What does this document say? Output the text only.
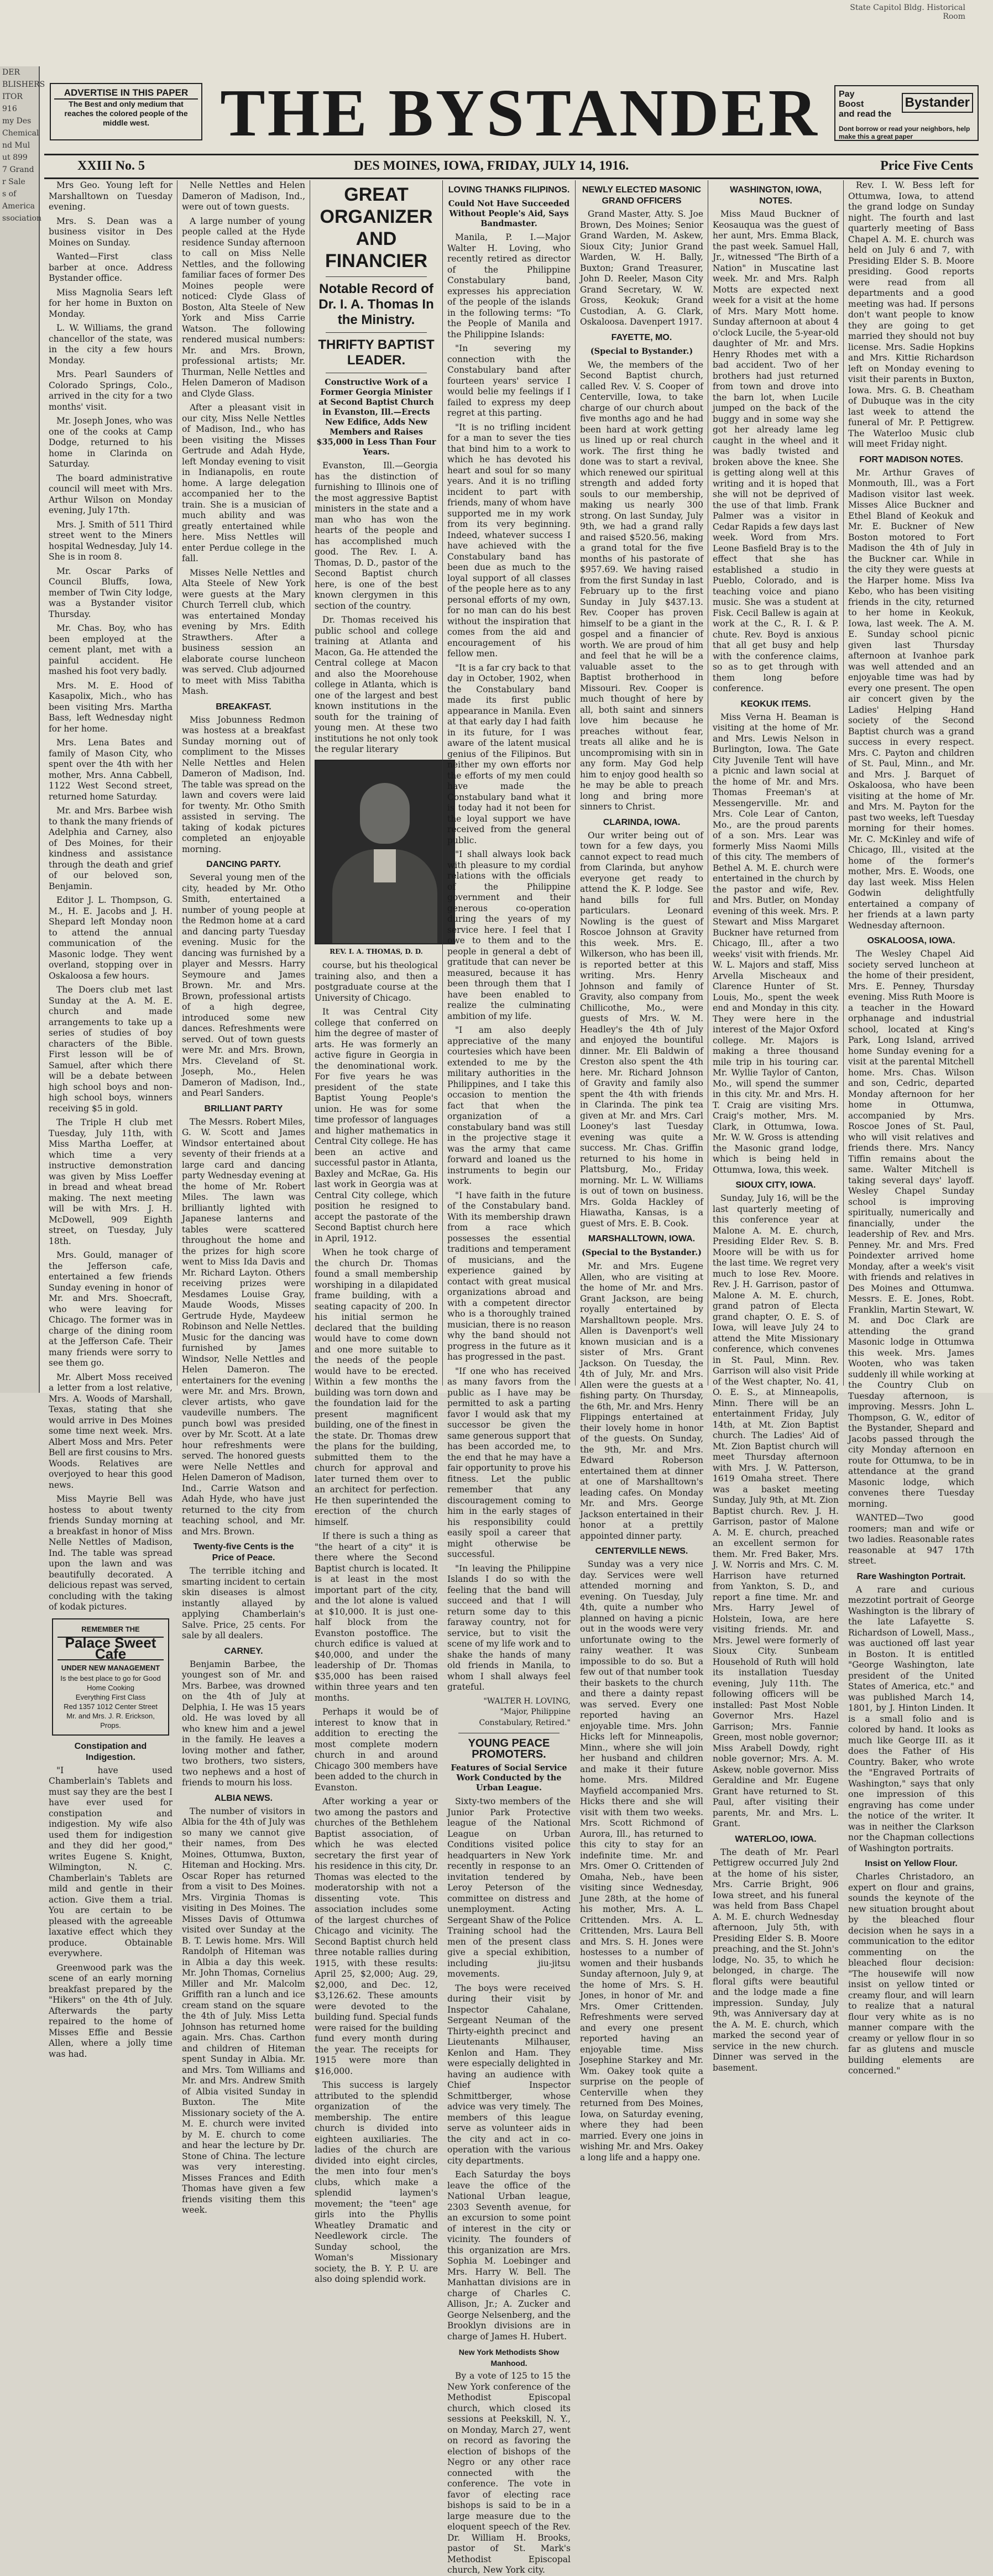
State Capitol Bldg. Historical
Room
DER
BLISHERS
ITOR
916
my Des
Chemical
nd Mul
ut 899
7 Grand
r Sale
s of
America
ssociation
ADVERTISE IN THIS PAPER
The Best and only medium that reaches the colored people of the middle west.	THE BYSTANDER	Pay
Boost
and read the
Bystander
Dont borrow or read your neighbors, help make this a great paper
XXIII No. 5	DES MOINES, IOWA, FRIDAY, JULY 14, 1916.	Price Five Cents

Mrs Geo. Young left for Marshalltown on Tuesday evening.

Mrs. S. Dean was a business visitor in Des Moines on Sunday.

Wanted—First class barber at once. Address Bystander office.

Miss Magnolia Sears left for her home in Buxton on Monday.

L. W. Williams, the grand chancellor of the state, was in the city a few hours Monday.

Mrs. Pearl Saunders of Colorado Springs, Colo., arrived in the city for a two months' visit.

Mr. Joseph Jones, who was one of the cooks at Camp Dodge, returned to his home in Clarinda on Saturday.

The board administrative council will meet with Mrs. Arthur Wilson on Monday evening, July 17th.

Mrs. J. Smith of 511 Third street went to the Miners hospital Wednesday, July 14. She is in room 8.

Mr. Oscar Parks of Council Bluffs, Iowa, member of Twin City lodge, was a Bystander visitor Thursday.

Mr. Chas. Boy, who has been employed at the cement plant, met with a painful accident. He mashed his foot very badly.

Mrs. M. E. Hood of Kasapolix, Mich., who has been visiting Mrs. Martha Bass, left Wednesday night for her home.

Mrs. Lena Bates and family of Mason City, who spent over the 4th with her mother, Mrs. Anna Cabbell, 1122 West Second street, returned home Saturday.

Mr. and Mrs. Barbee wish to thank the many friends of Adelphia and Carney, also of Des Moines, for their kindness and assistance through the death and grief of our beloved son, Benjamin.

Editor J. L. Thompson, G. M., H. E. Jacobs and J. H. Shepard left Monday noon to attend the annual communication of the Masonic lodge. They went overland, stopping over in Oskaloosa a few hours.

The Doers club met last Sunday at the A. M. E. church and made arrangements to take up a series of studies of boy characters of the Bible. First lesson will be of Samuel, after which there will be a debate between high school boys and non-high school boys, winners receiving $5 in gold.

The Triple H club met Tuesday, July 11th, with Miss Martha Loeffer, at which time a very instructive demonstration was given by Miss Loeffer in bread and wheat bread making. The next meeting will be with Mrs. J. H. McDowell, 909 Eighth street, on Tuesday, July 18th.

Mrs. Gould, manager of the Jefferson cafe, entertained a few friends Sunday evening in honor of Mr. and Mrs. Shoecraft, who were leaving for Chicago. The former was in charge of the dining room at the Jefferson Cafe. Their many friends were sorry to see them go.

Mr. Albert Moss received a letter from a lost relative, Mrs. A. Woods of Marshall, Texas, stating that she would arrive in Des Moines some time next week. Mrs. Albert Moss and Mrs. Peter Bell are first cousins to Mrs. Woods. Relatives are overjoyed to hear this good news.

Miss Mayrie Bell was hostess to about twenty friends Sunday morning at a breakfast in honor of Miss Nelle Nettles of Madison, Ind. The table was spread upon the lawn and was beautifully decorated. A delicious repast was served, concluding with the taking of kodak pictures.

REMEMBER THE
Palace Sweet Cafe
UNDER NEW MANAGEMENT
Is the best place to go for Good Home Cooking
Everything First Class
Red 1357 1012 Center Street
Mr. and Mrs. J. R. Erickson, Props.
Constipation and Indigestion.

"I have used Chamberlain's Tablets and must say they are the best I have ever used for constipation and indigestion. My wife also used them for indigestion and they did her good," writes Eugene S. Knight, Wilmington, N. C. Chamberlain's Tablets are mild and gentle in their action. Give them a trial. You are certain to be pleased with the agreeable laxative effect which they produce. Obtainable everywhere.

Greenwood park was the scene of an early morning breakfast prepared by the "Hikers" on the 4th of July. Afterwards the party repaired to the home of Misses Effie and Bessie Allen, where a jolly time was had.

Nelle Nettles and Helen Dameron of Madison, Ind., were out of town guests.

A large number of young people called at the Hyde residence Sunday afternoon to call on Miss Nelle Nettles, and the following familiar faces of former Des Moines people were noticed: Clyde Glass of Boston, Alta Steele of New York and Miss Carrie Watson. The following rendered musical numbers: Mr. and Mrs. Brown, professional artists; Mr. Thurman, Nelle Nettles and Helen Dameron of Madison and Clyde Glass.

After a pleasant visit in our city, Miss Nelle Nettles of Madison, Ind., who has been visiting the Misses Gertrude and Adah Hyde, left Monday evening to visit in Indianapolis, en route home. A large delegation accompanied her to the train. She is a musician of much ability and was greatly entertained while here. Miss Nettles will enter Perdue college in the fall.

Misses Nelle Nettles and Alta Steele of New York were guests at the Mary Church Terrell club, which was entertained Monday evening by Mrs. Edith Strawthers. After a business session an elaborate course luncheon was served. Club adjourned to meet with Miss Tabitha Mash.

BREAKFAST.

Miss Jobunness Redmon was hostess at a breakfast Sunday morning out of compliment to the Misses Nelle Nettles and Helen Dameron of Madison, Ind. The table was spread on the lawn and covers were laid for twenty. Mr. Otho Smith assisted in serving. The taking of kodak pictures completed an enjoyable morning.

DANCING PARTY.

Several young men of the city, headed by Mr. Otho Smith, entertained a number of young people at the Redmon home at a card and dancing party Tuesday evening. Music for the dancing was furnished by a player and Messrs. Harry Seymoure and James Brown. Mr. and Mrs. Brown, professional artists of a high degree, introduced some new dances. Refreshments were served. Out of town guests were Mr. and Mrs. Brown, Mrs. Cleveland of St. Joseph, Mo., Helen Dameron of Madison, Ind., and Pearl Sanders.

BRILLIANT PARTY

The Messrs. Robert Miles, G. W. Scott and James Windsor entertained about seventy of their friends at a large card and dancing party Wednesday evening at the home of Mr. Robert Miles. The lawn was brilliantly lighted with Japanese lanterns and tables were scattered throughout the home and the prizes for high score went to Miss Ida Davis and Mr. Richard Layton. Others receiving prizes were Mesdames Louise Gray, Maude Woods, Misses Gertrude Hyde, Maydeew Robinson and Nelle Nettles. Music for the dancing was furnished by James Windsor, Nelle Nettles and Helen Dameron. The entertainers for the evening were Mr. and Mrs. Brown, clever artists, who gave vaudeville numbers. The punch bowl was presided over by Mr. Scott. At a late hour refreshments were served. The honored guests were Nelle Nettles and Helen Dameron of Madison, Ind., Carrie Watson and Adah Hyde, who have just returned to the city from teaching school, and Mr. and Mrs. Brown.

Twenty-five Cents is the Price of Peace.

The terrible itching and smarting incident to certain skin diseases is almost instantly allayed by applying Chamberlain's Salve. Price, 25 cents. For sale by all dealers.

CARNEY.

Benjamin Barbee, the youngest son of Mr. and Mrs. Barbee, was drowned on the 4th of July at Delphia, I. He was 15 years old. He was loved by all who knew him and a jewel in the family. He leaves a loving mother and father, two brothers, two sisters, two nephews and a host of friends to mourn his loss.

ALBIA NEWS.

The number of visitors in Albia for the 4th of July was so many we cannot give their names, from Des Moines, Ottumwa, Buxton, Hiteman and Hocking. Mrs. Oscar Roper has returned from a visit to Des Moines. Mrs. Virginia Thomas is visiting in Des Moines. The Misses Davis of Ottumwa visited over Sunday at the B. T. Lewis home. Mrs. Will Randolph of Hiteman was in Albia a day this week. Mr. John Thomas, Cornelius Miller and Mr. Malcolm Griffith ran a lunch and ice cream stand on the square the 4th of July. Miss Letta Johnson has returned home again. Mrs. Chas. Carthon and children of Hiteman spent Sunday in Albia. Mr. and Mrs. Tom Williams and Mr. and Mrs. Andrew Smith of Albia visited Sunday in Buxton. The Mite Missionary society of the A. M. E. church were invited by M. E. church to come and hear the lecture by Dr. Stone of China. The lecture was very interesting. Misses Frances and Edith Thomas have given a few friends visiting them this week.

GREAT ORGANIZER AND FINANCIER
Notable Record of Dr. I. A. Thomas In the Ministry.
THRIFTY BAPTIST LEADER.
Constructive Work of a Former Georgia Minister at Second Baptist Church in Evanston, Ill.—Erects New Edifice, Adds New Members and Raises $35,000 in Less Than Four Years.

Evanston, Ill.—Georgia has the distinction of furnishing to Illinois one of the most aggressive Baptist ministers in the state and a man who has won the hearts of the people and has accomplished much good. The Rev. I. A. Thomas, D. D., pastor of the Second Baptist church here, is one of the best known clergymen in this section of the country.

Dr. Thomas received his public school and college training at Atlanta and Macon, Ga. He attended the Central college at Macon and also the Moorehouse college in Atlanta, which is one of the largest and best known institutions in the south for the training of young men. At these two institutions he not only took the regular literary

REV. I. A. THOMAS, D. D.

course, but his theological training also, and then a postgraduate course at the University of Chicago.

It was Central City college that conferred on him the degree of master of arts. He was formerly an active figure in Georgia in the denominational work. For five years he was president of the state Baptist Young People's union. He was for some time professor of languages and higher mathematics in Central City college. He has been an active and successful pastor in Atlanta, Baxley and McRae, Ga. His last work in Georgia was at Central City college, which position he resigned to accept the pastorate of the Second Baptist church here in April, 1912.

When he took charge of the church Dr. Thomas found a small membership worshiping in a dilapidated frame building, with a seating capacity of 200. In his initial sermon he declared that the building would have to come down and one more suitable to the needs of the people would have to be erected. Within a few months the building was torn down and the foundation laid for the present magnificent building, one of the finest in the state. Dr. Thomas drew the plans for the building, submitted them to the church for approval and later turned them over to an architect for perfection. He then superintended the erection of the church himself.

If there is such a thing as "the heart of a city" it is there where the Second Baptist church is located. It is at least in the most important part of the city, and the lot alone is valued at $10,000. It is just one-half block from the Evanston postoffice. The church edifice is valued at $40,000, and under the leadership of Dr. Thomas $35,000 has been raised within three years and ten months.

Perhaps it would be of interest to know that in addition to erecting the most complete modern church in and around Chicago 300 members have been added to the church in Evanston.

After working a year or two among the pastors and churches of the Bethlehem Baptist association, of which he was elected secretary the first year of his residence in this city, Dr. Thomas was elected to the moderatorship with not a dissenting vote. This association includes some of the largest churches of Chicago and vicinity. The Second Baptist church held three notable rallies during 1915, with these results: April 25, $2,000; Aug. 29, $2,000, and Dec. 12, $3,126.62. These amounts were devoted to the building fund. Special funds were raised for the building fund every month during the year. The receipts for 1915 were more than $16,000.

This success is largely attributed to the splendid organization of the membership. The entire church is divided into eighteen auxiliaries. The ladies of the church are divided into eight circles, the men into four men's clubs, which make a splendid laymen's movement; the "teen" age girls into the Phyllis Wheatley Dramatic and Needlework circle. The Sunday school, the Woman's Missionary society, the B. Y. P. U. are also doing splendid work.

LOVING THANKS FILIPINOS.
Could Not Have Succeeded Without People's Aid, Says Bandmaster.

Manila, P. I.—Major Walter H. Loving, who recently retired as director of the Philippine Constabulary band, expresses his appreciation of the people of the islands in the following terms: "To the People of Manila and the Philippine Islands:

"In severing my connection with the Constabulary band after fourteen years' service I would belie my feelings if I failed to express my deep regret at this parting.

"It is no trifling incident for a man to sever the ties that bind him to a work to which he has devoted his heart and soul for so many years. And it is no trifling incident to part with friends, many of whom have supported me in my work from its very beginning. Indeed, whatever success I have achieved with the Constabulary band has been due as much to the loyal support of all classes of the people here as to any personal efforts of my own, for no man can do his best without the inspiration that comes from the aid and encouragement of his fellow men.

"It is a far cry back to that day in October, 1902, when the Constabulary band made its first public appearance in Manila. Even at that early day I had faith in its future, for I was aware of the latent musical genius of the Filipinos. But neither my own efforts nor the efforts of my men could have made the Constabulary band what it is today had it not been for the loyal support we have received from the general public.

"I shall always look back with pleasure to my cordial relations with the officials of the Philippine government and their generous co-operation during the years of my service here. I feel that I owe to them and to the people in general a debt of gratitude that can never be measured, because it has been through them that I have been enabled to realize the culminating ambition of my life.

"I am also deeply appreciative of the many courtesies which have been extended to me by the military authorities in the Philippines, and I take this occasion to mention the fact that when the organization of a constabulary band was still in the projective stage it was the army that came forward and loaned us the instruments to begin our work.

"I have faith in the future of the Constabulary band. With its membership drawn from a race which possesses the essential traditions and temperament of musicians, and the experience gained by contact with great musical organizations abroad and with a competent director who is a thoroughly trained musician, there is no reason why the band should not progress in the future as it has progressed in the past.

"If one who has received as many favors from the public as I have may be permitted to ask a parting favor I would ask that my successor be given the same generous support that has been accorded me, to the end that he may have a fair opportunity to prove his fitness. Let the public remember that any discouragement coming to him in the early stages of his responsibility could easily spoil a career that might otherwise be successful.

"In leaving the Philippine Islands I do so with the feeling that the band will succeed and that I will return some day to this faraway country, not for service, but to visit the scene of my life work and to shake the hands of many old friends in Manila, to whom I shall always feel grateful.

"WALTER H. LOVING,
"Major, Philippine Constabulary, Retired."
YOUNG PEACE PROMOTERS.
Features of Social Service Work Conducted by the Urban League.

Sixty-two members of the Junior Park Protective league of the National League on Urban Conditions visited police headquarters in New York recently in response to an invitation tendered by Leroy Peterson of the committee on distress and unemployment. Acting Sergeant Shaw of the Police Training school had the men of the present class give a special exhibition, including jiu-jitsu movements.

The boys were received during their visit by Inspector Cahalane, Sergeant Neuman of the Thirty-eighth precinct and Lieutenants Milhauser, Kenlon and Ham. They were especially delighted in having an audience with Chief Inspector Schmittberger, whose advice was very timely. The members of this league serve as volunteer aids in the city and act in co-operation with the various city departments.

Each Saturday the boys leave the office of the National Urban league, 2303 Seventh avenue, for an excursion to some point of interest in the city or vicinity. The founders of this organization are Mrs. Sophia M. Loebinger and Mrs. Harry W. Bell. The Manhattan divisions are in charge of Charles C. Allison, Jr.; A. Zucker and George Nelsenberg, and the Brooklyn divisions are in charge of James H. Hubert.

New York Methodists Show Manhood.

By a vote of 125 to 15 the New York conference of the Methodist Episcopal church, which closed its sessions at Peekskill, N. Y., on Monday, March 27, went on record as favoring the election of bishops of the Negro or any other race connected with the conference. The vote in favor of electing race bishops is said to be in a large measure due to the eloquent speech of the Rev. Dr. William H. Brooks, pastor of St. Mark's Methodist Episcopal church, New York city.

NEWLY ELECTED MASONIC GRAND OFFICERS

Grand Master, Atty. S. Joe Brown, Des Moines; Senior Grand Warden, M. Askew, Sioux City; Junior Grand Warden, W. H. Bally, Buxton; Grand Treasurer, John D. Reeler, Mason City Grand Secretary, W. W. Gross, Keokuk; Grand Custodian, A. G. Clark, Oskaloosa. Davenpert 1917.

FAYETTE, MO.
(Special to Bystander.)

We, the members of the Second Baptist church, called Rev. V. S. Cooper of Centerville, Iowa, to take charge of our church about five months ago and he had been hard at work getting us lined up or real church work. The first thing he done was to start a revival, which renewed our spiritual strength and added forty souls to our membership, making us nearly 300 strong. On last Sunday, July 9th, we had a grand rally and raised $520.56, making a grand total for the five months of his pastorate of $957.69. We having raised from the first Sunday in last February up to the first Sunday in July $437.13. Rev. Cooper has proven himself to be a giant in the gospel and a financier of worth. We are proud of him and feel that he will be a valuable asset to the Baptist brotherhood in Missouri. Rev. Cooper is much thought of here by all, both saint and sinners love him because he preaches without fear, treats all alike and he is uncompromising with sin in any form. May God help him to enjoy good health so he may be able to preach long and bring more sinners to Christ.

CLARINDA, IOWA.

Our writer being out of town for a few days, you cannot expect to read much from Clarinda, but anyhow everyone get ready to attend the K. P. lodge. See hand bills for full particulars. Leonard Nowling is the guest of Roscoe Johnson at Gravity this week. Mrs. E. Wilkerson, who has been ill, is reported better at this writing. Mrs. Henry Johnson and family of Gravity, also company from Chillicothe, Mo., were guests of Mrs. W. M. Headley's the 4th of July and enjoyed the bountiful dinner. Mr. Eli Baldwin of Creston also spent the 4th here. Mr. Richard Johnson of Gravity and family also spent the 4th with friends in Clarinda. The pink tea given at Mr. and Mrs. Carl Looney's last Tuesday evening was quite a success. Mr. Chas. Griffin returned to his home in Plattsburg, Mo., Friday morning. Mr. L. W. Williams is out of town on business. Mrs. Golda Hackley of Hiawatha, Kansas, is a guest of Mrs. E. B. Cook.

MARSHALLTOWN, IOWA.
(Special to the Bystander.)

Mr. and Mrs. Eugene Allen, who are visiting at the home of Mr. and Mrs. Grant Jackson, are being royally entertained by Marshalltown people. Mrs. Allen is Davenport's well known musician and is a sister of Mrs. Grant Jackson. On Tuesday, the 4th of July, Mr. and Mrs. Allen were the guests at a fishing party. On Thursday, the 6th, Mr. and Mrs. Henry Flippings entertained at their lovely home in honor of the guests. On Sunday, the 9th, Mr. and Mrs. Edward Roberson entertained them at dinner at one of Marshalltown's leading cafes. On Monday Mr. and Mrs. George Jackson entertained in their honor at a prettily appointed dinner party.

CENTERVILLE NEWS.

Sunday was a very nice day. Services were well attended morning and evening. On Tuesday, July 4th, quite a number who planned on having a picnic out in the woods were very unfortunate owing to the rainy weather. It was impossible to do so. But a few out of that number took their baskets to the church and there a dainty repast was served. Every one reported having an enjoyable time. Mrs. John Hicks left for Minneapolis, Minn., where she will join her husband and children and make it their future home. Mrs. Mildred Mayfield accompanied Mrs. Hicks there and she will visit with them two weeks. Mrs. Scott Richmond of Aurora, Ill., has returned to this city to stay for an indefinite time. Mr. and Mrs. Omer O. Crittenden of Omaha, Neb., have been visiting since Wednesday, June 28th, at the home of his mother, Mrs. A. L. Crittenden. Mrs. A. L. Crittenden, Mrs. Laura Bell and Mrs. S. H. Jones were hostesses to a number of women and their husbands Sunday afternoon, July 9, at the home of Mrs. S. H. Jones, in honor of Mr. and Mrs. Omer Crittenden. Refreshments were served and every one present reported having an enjoyable time. Miss Josephine Starkey and Mr. Wm. Oakey took quite a surprise on the people of Centerville when they returned from Des Moines, Iowa, on Saturday evening, where they had been married. Every one joins in wishing Mr. and Mrs. Oakey a long life and a happy one.

WASHINGTON, IOWA, NOTES.

Miss Maud Buckner of Keosauqua was the guest of her aunt, Mrs. Emma Black, the past week. Samuel Hall, Jr., witnessed "The Birth of a Nation" in Muscatine last week. Mr. and Mrs. Ralph Motts are expected next week for a visit at the home of Mrs. Mary Mott home. Sunday afternoon at about 4 o'clock Lucile, the 5-year-old daughter of Mr. and Mrs. Henry Rhodes met with a bad accident. Two of her brothers had just returned from town and drove into the barn lot, when Lucile jumped on the back of the buggy and in some way she got her already lame leg caught in the wheel and it was badly twisted and broken above the knee. She is getting along well at this writing and it is hoped that she will not be deprived of the use of that limb. Frank Palmer was a visitor in Cedar Rapids a few days last week. Word from Mrs. Leone Basfield Bray is to the effect that she has established a studio in Pueblo, Colorado, and is teaching voice and piano music. She was a student at Fisk. Cecil Ballew is again at work at the C., R. I. & P. chute. Rev. Boyd is anxious that all get busy and help with the conference claims, so as to get through with them long before conference.

KEOKUK ITEMS.

Miss Verna H. Beaman is visiting at the home of Mr. and Mrs. Lewis Nelson in Burlington, Iowa. The Gate City Juvenile Tent will have a picnic and lawn social at the home of Mr. and Mrs. Thomas Freeman's at Messengerville. Mr. and Mrs. Cole Lear of Canton, Mo., are the proud parents of a son. Mrs. Lear was formerly Miss Naomi Mills of this city. The members of Bethel A. M. E. church were entertained in the church by the pastor and wife, Rev. and Mrs. Butler, on Monday evening of this week. Mrs. P. Stewart and Miss Margaret Buckner have returned from Chicago, Ill., after a two weeks' visit with friends. Mr. W. L. Majors and staff, Miss Arvella Mischeaux and Clarence Hunter of St. Louis, Mo., spent the week end and Monday in this city. They were here in the interest of the Major Oxford college. Mr. Majors is making a three thousand mile trip in his touring car. Mr. Wyllie Taylor of Canton, Mo., will spend the summer in this city. Mr. and Mrs. H. T. Craig are visiting Mrs. Craig's mother, Mrs. M. Clark, in Ottumwa, Iowa. Mr. W. W. Gross is attending the Masonic grand lodge, which is being held in Ottumwa, Iowa, this week.

SIOUX CITY, IOWA.

Sunday, July 16, will be the last quarterly meeting of this conference year at Malone A. M. E. church, Presiding Elder Rev. S. B. Moore will be with us for the last time. We regret very much to lose Rev. Moore. Rev. J. H. Garrison, pastor of Malone A. M. E. church, grand patron of Electa grand chapter, O. E. S. of Iowa, will leave July 24 to attend the Mite Missionary conference, which convenes in St. Paul, Minn. Rev. Garrison will also visit Pride of the West chapter, No. 41, O. E. S., at Minneapolis, Minn. There will be an entertainment Friday, July 14th, at Mt. Zion Baptist church. The Ladies' Aid of Mt. Zion Baptist church will meet Thursday afternoon with Mrs. J. W. Patterson, 1619 Omaha street. There was a basket meeting Sunday, July 9th, at Mt. Zion Baptist church. Rev. J. H. Garrison, pastor of Malone A. M. E. church, preached an excellent sermon for them. Mr. Fred Baker, Mrs. J. W. Norris and Mrs. C. M. Harrison have returned from Yankton, S. D., and report a fine time. Mr. and Mrs. Harry Jewel of Holstein, Iowa, are here visiting friends. Mr. and Mrs. Jewel were formerly of Sioux City. Sunbeam Household of Ruth will hold its installation Tuesday evening, July 11th. The following officers will be installed: Past Most Noble Governor Mrs. Hazel Garrison; Mrs. Fannie Green, most noble governor; Miss Arabell Dowdy, right noble governor; Mrs. A. M. Askew, noble governor. Miss Geraldine and Mr. Eugene Grant have returned to St. Paul, after visiting their parents, Mr. and Mrs. L. Grant.

WATERLOO, IOWA.

The death of Mr. Pearl Pettigrew occurred July 2nd at the home of his sister, Mrs. Carrie Bright, 906 Iowa street, and his funeral was held from Bass Chapel A. M. E. church Wednesday afternoon, July 5th, with Presiding Elder S. B. Moore preaching, and the St. John's lodge, No. 35, to which he belonged, in charge. The floral gifts were beautiful and the lodge made a fine impression. Sunday, July 9th, was Anniversary day at the A. M. E. church, which marked the second year of service in the new church. Dinner was served in the basement.

Rev. I. W. Bess left for Ottumwa, Iowa, to attend the grand lodge on Sunday night. The fourth and last quarterly meeting of Bass Chapel A. M. E. church was held on July 6 and 7, with Presiding Elder S. B. Moore presiding. Good reports were read from all departments and a good meeting was had. If persons don't want people to know they are going to get married they should not buy license. Mrs. Sadie Hopkins and Mrs. Kittie Richardson left on Monday evening to visit their parents in Buxton, Iowa. Mrs. G. B. Cheatham of Dubuque was in the city last week to attend the funeral of Mr. P. Pettigrew. The Waterloo Music club will meet Friday night.

FORT MADISON NOTES.

Mr. Arthur Graves of Monmouth, Ill., was a Fort Madison visitor last week. Misses Alice Buckner and Ethel Bland of Keokuk and Mr. E. Buckner of New Boston motored to Fort Madison the 4th of July in the Buckner car. While in the city they were guests at the Harper home. Miss Iva Kebo, who has been visiting friends in the city, returned to her home in Keokuk, Iowa, last week. The A. M. E. Sunday school picnic given last Thursday afternoon at Ivanhoe park was well attended and an enjoyable time was had by every one present. The open air concert given by the Ladies' Helping Hand society of the Second Baptist church was a grand success in every respect. Mrs. C. Payton and children of St. Paul, Minn., and Mr. and Mrs. J. Barquet of Oskaloosa, who have been visiting at the home of Mr. and Mrs. M. Payton for the past two weeks, left Tuesday morning for their homes. Mr. C. McKinley and wife of Chicago, Ill., visited at the home of the former's mother, Mrs. E. Woods, one day last week. Miss Helen Godwin delightfully entertained a company of her friends at a lawn party Wednesday afternoon.

OSKALOOSA, IOWA.

The Wesley Chapel Aid society served luncheon at the home of their president, Mrs. E. Penney, Thursday evening. Miss Ruth Moore is a teacher in the Howard orphanage and industrial school, located at King's Park, Long Island, arrived home Sunday evening for a visit at the parental Mitchell home. Mrs. Chas. Wilson and son, Cedric, departed Monday afternoon for her home in Ottumwa, accompanied by Mrs. Roscoe Jones of St. Paul, who will visit relatives and friends there. Mrs. Nancy Tiffin remains about the same. Walter Mitchell is taking several days' layoff. Wesley Chapel Sunday school is improving spiritually, numerically and financially, under the leadership of Rev. and Mrs. Penney. Mr. and Mrs. Fred Poindexter arrived home Monday, after a week's visit with friends and relatives in Des Moines and Ottumwa. Messrs. E. E. Jones, Robt. Franklin, Martin Stewart, W. M. and Doc Clark are attending the grand Masonic lodge in Ottumwa this week. Mrs. James Wooten, who was taken suddenly ill while working at the Country Club on Tuesday afternoon, is improving. Messrs. John L. Thompson, G. W., editor of the Bystander, Shepard and Jacobs passed through the city Monday afternoon en route for Ottumwa, to be in attendance at the grand Masonic lodge, which convenes there Tuesday morning.

WANTED—Two good roomers; man and wife or two ladies. Reasonable rates reasonable at 947 17th street.

Rare Washington Portrait.

A rare and curious mezzotint portrait of George Washington is the library of the late Lafayette S. Richardson of Lowell, Mass., was auctioned off last year in Boston. It is entitled "George Washington, late president of the United States of America, etc." and was published March 14, 1801, by J. Hinton Linden. It is a small folio and is colored by hand. It looks as much like George III. as it does the Father of His Country. Baker, who wrote the "Engraved Portraits of Washington," says that only one impression of this engraving has come under the notice of the writer. It was in neither the Clarkson nor the Chapman collections of Washington portraits.

Insist on Yellow Flour.

Charles Christadoro, an expert on flour and grains, sounds the keynote of the new situation brought about by the bleached flour decision when he says in a communication to the editor commenting on the bleached flour decision: "The housewife will now insist on yellow tinted or creamy flour, and will learn to realize that a natural flour very white as is no manner compare with the creamy or yellow flour in so far as glutens and muscle building elements are concerned."
